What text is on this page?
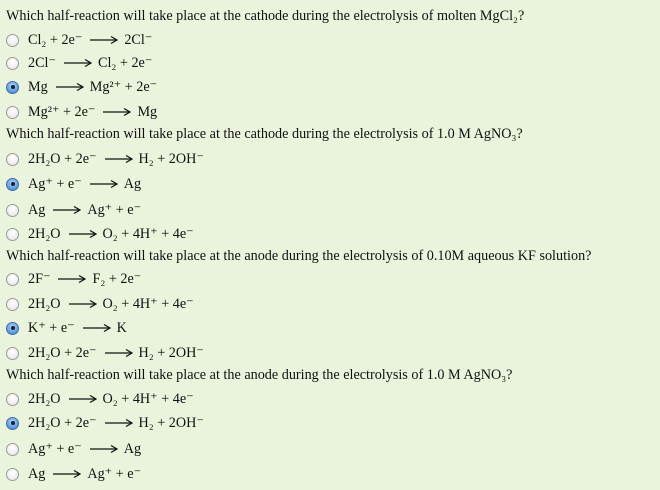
Which half-reaction will take place at the cathode during the electrolysis of molten MgCl₂?
Cl₂ + 2e⁻ → 2Cl⁻
2Cl⁻ → Cl₂ + 2e⁻
Mg → Mg²⁺ + 2e⁻
Mg²⁺ + 2e⁻ → Mg
Which half-reaction will take place at the cathode during the electrolysis of 1.0 M AgNO₃?
2H₂O + 2e⁻ → H₂ + 2OH⁻
Ag⁺ + e⁻ → Ag
Ag → Ag⁺ + e⁻
2H₂O → O₂ + 4H⁺ + 4e⁻
Which half-reaction will take place at the anode during the electrolysis of 0.10M aqueous KF solution?
2F⁻ → F₂ + 2e⁻
2H₂O → O₂ + 4H⁺ + 4e⁻
K⁺ + e⁻ → K
2H₂O + 2e⁻ → H₂ + 2OH⁻
Which half-reaction will take place at the anode during the electrolysis of 1.0 M AgNO₃?
2H₂O → O₂ + 4H⁺ + 4e⁻
2H₂O + 2e⁻ → H₂ + 2OH⁻
Ag⁺ + e⁻ → Ag
Ag → Ag⁺ + e⁻
